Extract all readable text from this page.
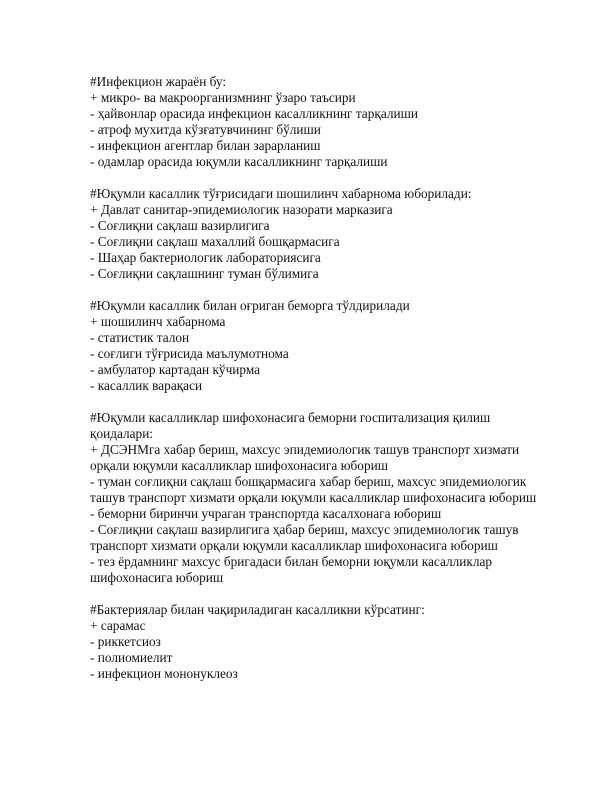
#Инфекцион жараён бу:
+ микро- ва макроорганизмнинг ўзаро таъсири
- ҳайвонлар орасида инфекцион касалликнинг тарқалиши
- атроф мухитда кўзғатувчининг бўлиши
- инфекцион агентлар билан зарарланиш
- одамлар орасида юқумли касалликнинг тарқалиши
#Юқумли касаллик тўғрисидаги шошилинч хабарнома юборилади:
+ Давлат санитар-эпидемиологик назорати марказига
- Соғлиқни сақлаш вазирлигига
- Соғлиқни сақлаш махаллий бошқармасига
- Шаҳар бактериологик лабораториясига
- Соғлиқни сақлашнинг туман бўлимига
#Юқумли касаллик билан оғриган беморга тўлдирилади
+ шошилинч хабарнома
- статистик талон
- соғлиги тўғрисида маълумотнома
- амбулатор картадан кўчирма
- касаллик варақаси
#Юқумли касалликлар шифохонасига беморни госпитализация қилиш қоидалари:
+ ДСЭНМга хабар бериш, махсус эпидемиологик ташув транспорт хизмати орқали юқумли касалликлар шифохонасига юбориш
- туман соғлиқни сақлаш бошқармасига хабар бериш, махсус эпидемиологик ташув транспорт хизмати орқали юқумли касалликлар шифохонасига юбориш
- беморни биринчи учраган транспортда касалхонага юбориш
- Соғлиқни сақлаш вазирлигига ҳабар бериш, махсус эпидемиологик ташув транспорт хизмати орқали юқумли касалликлар шифохонасига юбориш
- тез ёрдамнинг махсус бригадаси билан беморни юқумли касалликлар шифохонасига юбориш
#Бактериялар билан чақириладиган касалликни кўрсатинг:
+ сарамас
- риккетсиоз
- полиомиелит
- инфекцион мононуклеоз
